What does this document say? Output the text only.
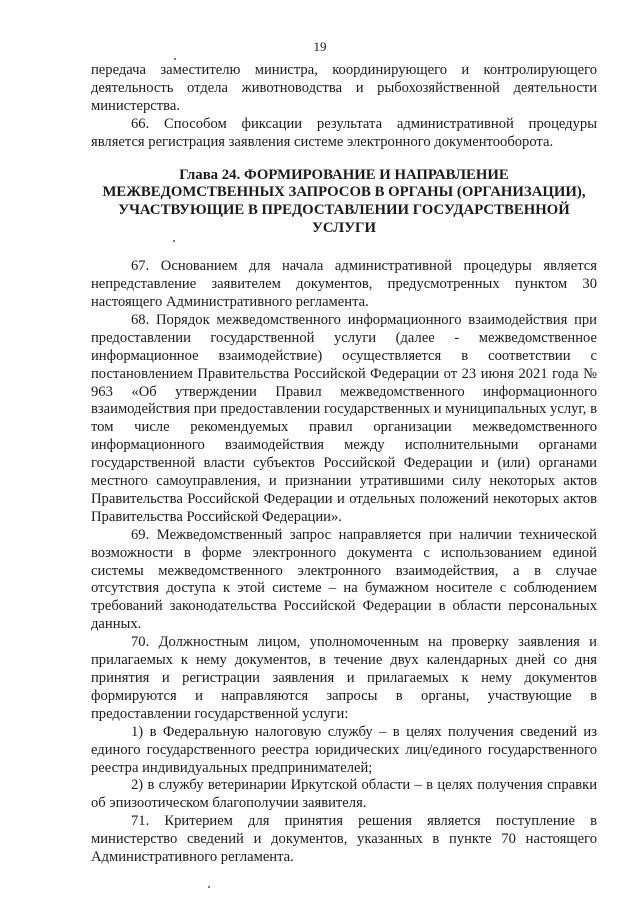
19

передача заместителю министра, координирующего и контролирующего деятельность отдела животноводства и рыбохозяйственной деятельности министерства.

66. Способом фиксации результата административной процедуры является регистрация заявления системе электронного документооборота.

Глава 24. ФОРМИРОВАНИЕ И НАПРАВЛЕНИЕ МЕЖВЕДОМСТВЕННЫХ ЗАПРОСОВ В ОРГАНЫ (ОРГАНИЗАЦИИ), УЧАСТВУЮЩИЕ В ПРЕДОСТАВЛЕНИИ ГОСУДАРСТВЕННОЙ УСЛУГИ

67. Основанием для начала административной процедуры является непредставление заявителем документов, предусмотренных пунктом 30 настоящего Административного регламента.

68. Порядок межведомственного информационного взаимодействия при предоставлении государственной услуги (далее - межведомственное информационное взаимодействие) осуществляется в соответствии с постановлением Правительства Российской Федерации от 23 июня 2021 года № 963 «Об утверждении Правил межведомственного информационного взаимодействия при предоставлении государственных и муниципальных услуг, в том числе рекомендуемых правил организации межведомственного информационного взаимодействия между исполнительными органами государственной власти субъектов Российской Федерации и (или) органами местного самоуправления, и признании утратившими силу некоторых актов Правительства Российской Федерации и отдельных положений некоторых актов Правительства Российской Федерации».

69. Межведомственный запрос направляется при наличии технической возможности в форме электронного документа с использованием единой системы межведомственного электронного взаимодействия, а в случае отсутствия доступа к этой системе – на бумажном носителе с соблюдением требований законодательства Российской Федерации в области персональных данных.

70. Должностным лицом, уполномоченным на проверку заявления и прилагаемых к нему документов, в течение двух календарных дней со дня принятия и регистрации заявления и прилагаемых к нему документов формируются и направляются запросы в органы, участвующие в предоставлении государственной услуги:

1) в Федеральную налоговую службу – в целях получения сведений из единого государственного реестра юридических лиц/единого государственного реестра индивидуальных предпринимателей;

2) в службу ветеринарии Иркутской области – в целях получения справки об эпизоотическом благополучии заявителя.

71. Критерием для принятия решения является поступление в министерство сведений и документов, указанных в пункте 70 настоящего Административного регламента.
